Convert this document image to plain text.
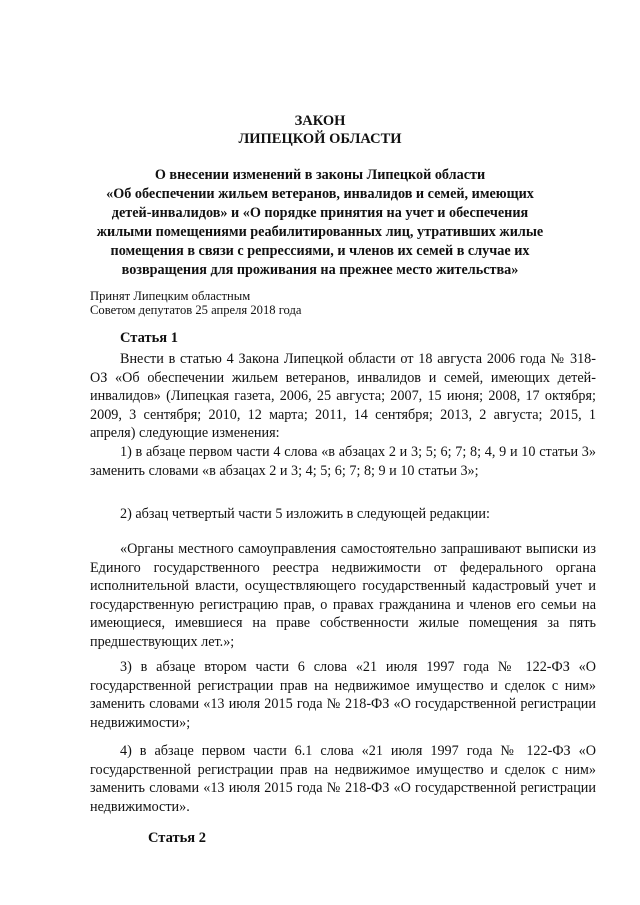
ЗАКОН
ЛИПЕЦКОЙ ОБЛАСТИ
О внесении изменений в законы Липецкой области
«Об обеспечении жильем ветеранов, инвалидов и семей, имеющих
детей-инвалидов» и «О порядке принятия на учет и обеспечения
жилыми помещениями реабилитированных лиц, утративших жилые
помещения в связи с репрессиями, и членов их семей в случае их
возвращения для проживания на прежнее место жительства»
Принят Липецким областным
Советом депутатов 25 апреля 2018 года
Статья 1
Внести в статью 4 Закона Липецкой области от 18 августа 2006 года № 318-ОЗ «Об обеспечении жильем ветеранов, инвалидов и семей, имеющих детей-инвалидов» (Липецкая газета, 2006, 25 августа; 2007, 15 июня; 2008, 17 октября; 2009, 3 сентября; 2010, 12 марта; 2011, 14 сентября; 2013, 2 августа; 2015, 1 апреля) следующие изменения:
1) в абзаце первом части 4 слова «в абзацах 2 и 3; 5; 6; 7; 8; 4, 9 и 10 статьи 3» заменить словами «в абзацах 2 и 3; 4; 5; 6; 7; 8; 9 и 10 статьи 3»;
2) абзац четвертый части 5 изложить в следующей редакции:
«Органы местного самоуправления самостоятельно запрашивают выписки из Единого государственного реестра недвижимости от федерального органа исполнительной власти, осуществляющего государственный кадастровый учет и государственную регистрацию прав, о правах гражданина и членов его семьи на имеющиеся, имевшиеся на праве собственности жилые помещения за пять предшествующих лет.»;
3) в абзаце втором части 6 слова «21 июля 1997 года № 122-ФЗ «О государственной регистрации прав на недвижимое имущество и сделок с ним» заменить словами «13 июля 2015 года № 218-ФЗ «О государственной регистрации недвижимости»;
4) в абзаце первом части 6.1 слова «21 июля 1997 года № 122-ФЗ «О государственной регистрации прав на недвижимое имущество и сделок с ним» заменить словами «13 июля 2015 года № 218-ФЗ «О государственной регистрации недвижимости».
Статья 2
